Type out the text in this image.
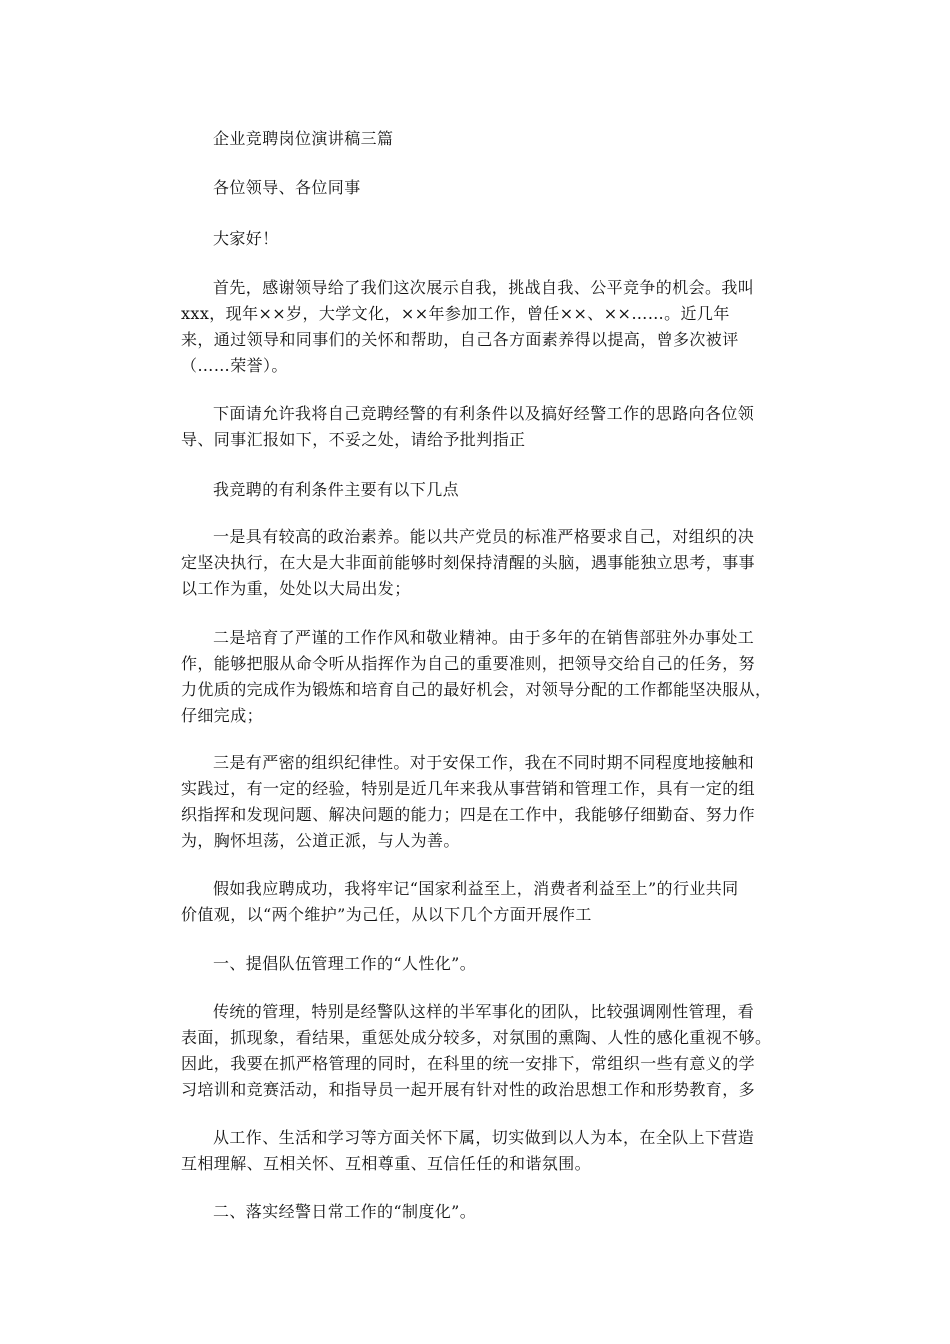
企业竞聘岗位演讲稿三篇

各位领导、各位同事

大家好！

首先，感谢领导给了我们这次展示自我，挑战自我、公平竞争的机会。我叫
xxx，现年××岁，大学文化，××年参加工作，曾任××、××……。近几年
来，通过领导和同事们的关怀和帮助，自己各方面素养得以提高，曾多次被评
（……荣誉）。

下面请允许我将自己竞聘经警的有利条件以及搞好经警工作的思路向各位领
导、同事汇报如下，不妥之处，请给予批判指正

我竞聘的有利条件主要有以下几点

一是具有较高的政治素养。能以共产党员的标准严格要求自己，对组织的决
定坚决执行，在大是大非面前能够时刻保持清醒的头脑，遇事能独立思考，事事
以工作为重，处处以大局出发；

二是培育了严谨的工作作风和敬业精神。由于多年的在销售部驻外办事处工
作，能够把服从命令听从指挥作为自己的重要准则，把领导交给自己的任务，努
力优质的完成作为锻炼和培育自己的最好机会，对领导分配的工作都能坚决服从，
仔细完成；

三是有严密的组织纪律性。对于安保工作，我在不同时期不同程度地接触和
实践过，有一定的经验，特别是近几年来我从事营销和管理工作，具有一定的组
织指挥和发现问题、解决问题的能力；四是在工作中，我能够仔细勤奋、努力作
为，胸怀坦荡，公道正派，与人为善。

假如我应聘成功，我将牢记“国家利益至上，消费者利益至上”的行业共同
价值观，以“两个维护”为己任，从以下几个方面开展作工

一、提倡队伍管理工作的“人性化”。

传统的管理，特别是经警队这样的半军事化的团队，比较强调刚性管理，看
表面，抓现象，看结果，重惩处成分较多，对氛围的熏陶、人性的感化重视不够。
因此，我要在抓严格管理的同时，在科里的统一安排下，常组织一些有意义的学
习培训和竞赛活动，和指导员一起开展有针对性的政治思想工作和形势教育，多

从工作、生活和学习等方面关怀下属，切实做到以人为本，在全队上下营造
互相理解、互相关怀、互相尊重、互信任任的和谐氛围。

二、落实经警日常工作的“制度化”。
